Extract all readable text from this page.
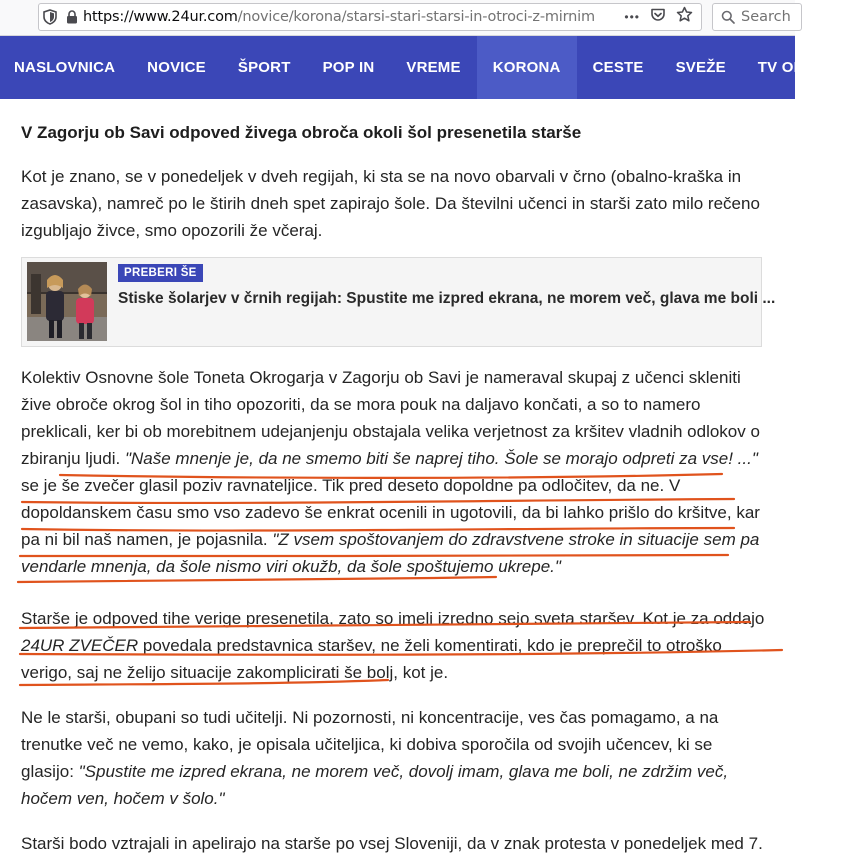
https://www.24ur.com/novice/korona/starsi-stari-starsi-in-otroci-z-mirnim	•••	Search
NASLOVNICA	NOVICE	ŠPORT	POP IN	VREME	KORONA	CESTE	SVEŽE	TV ODDAJE
V Zagorju ob Savi odpoved živega obroča okoli šol presenetila starše

Kot je znano, se v ponedeljek v dveh regijah, ki sta se na novo obarvali v črno (obalno-kraška in zasavska), namreč po le štirih dneh spet zapirajo šole. Da številni učenci in starši zato milo rečeno izgubljajo živce, smo opozorili že včeraj.

PREBERI ŠE
Stiske šolarjev v črnih regijah: Spustite me izpred ekrana, ne morem več, glava me boli ...

Kolektiv Osnovne šole Toneta Okrogarja v Zagorju ob Savi je nameraval skupaj z učenci skleniti žive obroče okrog šol in tiho opozoriti, da se mora pouk na daljavo končati, a so to namero preklicali, ker bi ob morebitnem udejanjenju obstajala velika verjetnost za kršitev vladnih odlokov o zbiranju ljudi. "Naše mnenje je, da ne smemo biti še naprej tiho. Šole se morajo odpreti za vse! ..." se je še zvečer glasil poziv ravnateljice. Tik pred deseto dopoldne pa odločitev, da ne. V dopoldanskem času smo vso zadevo še enkrat ocenili in ugotovili, da bi lahko prišlo do kršitve, kar pa ni bil naš namen, je pojasnila. "Z vsem spoštovanjem do zdravstvene stroke in situacije sem pa vendarle mnenja, da šole nismo viri okužb, da šole spoštujemo ukrepe."

Starše je odpoved tihe verige presenetila, zato so imeli izredno sejo sveta staršev. Kot je za oddajo 24UR ZVEČER povedala predstavnica staršev, ne želi komentirati, kdo je preprečil to otroško verigo, saj ne želijo situacije zakomplicirati še bolj, kot je.

Ne le starši, obupani so tudi učitelji. Ni pozornosti, ni koncentracije, ves čas pomagamo, a na trenutke več ne vemo, kako, je opisala učiteljica, ki dobiva sporočila od svojih učencev, ki se glasijo: "Spustite me izpred ekrana, ne morem več, dovolj imam, glava me boli, ne zdržim več, hočem ven, hočem v šolo."

Starši bodo vztrajali in apelirajo na starše po vsej Sloveniji, da v znak protesta v ponedeljek med 7.
